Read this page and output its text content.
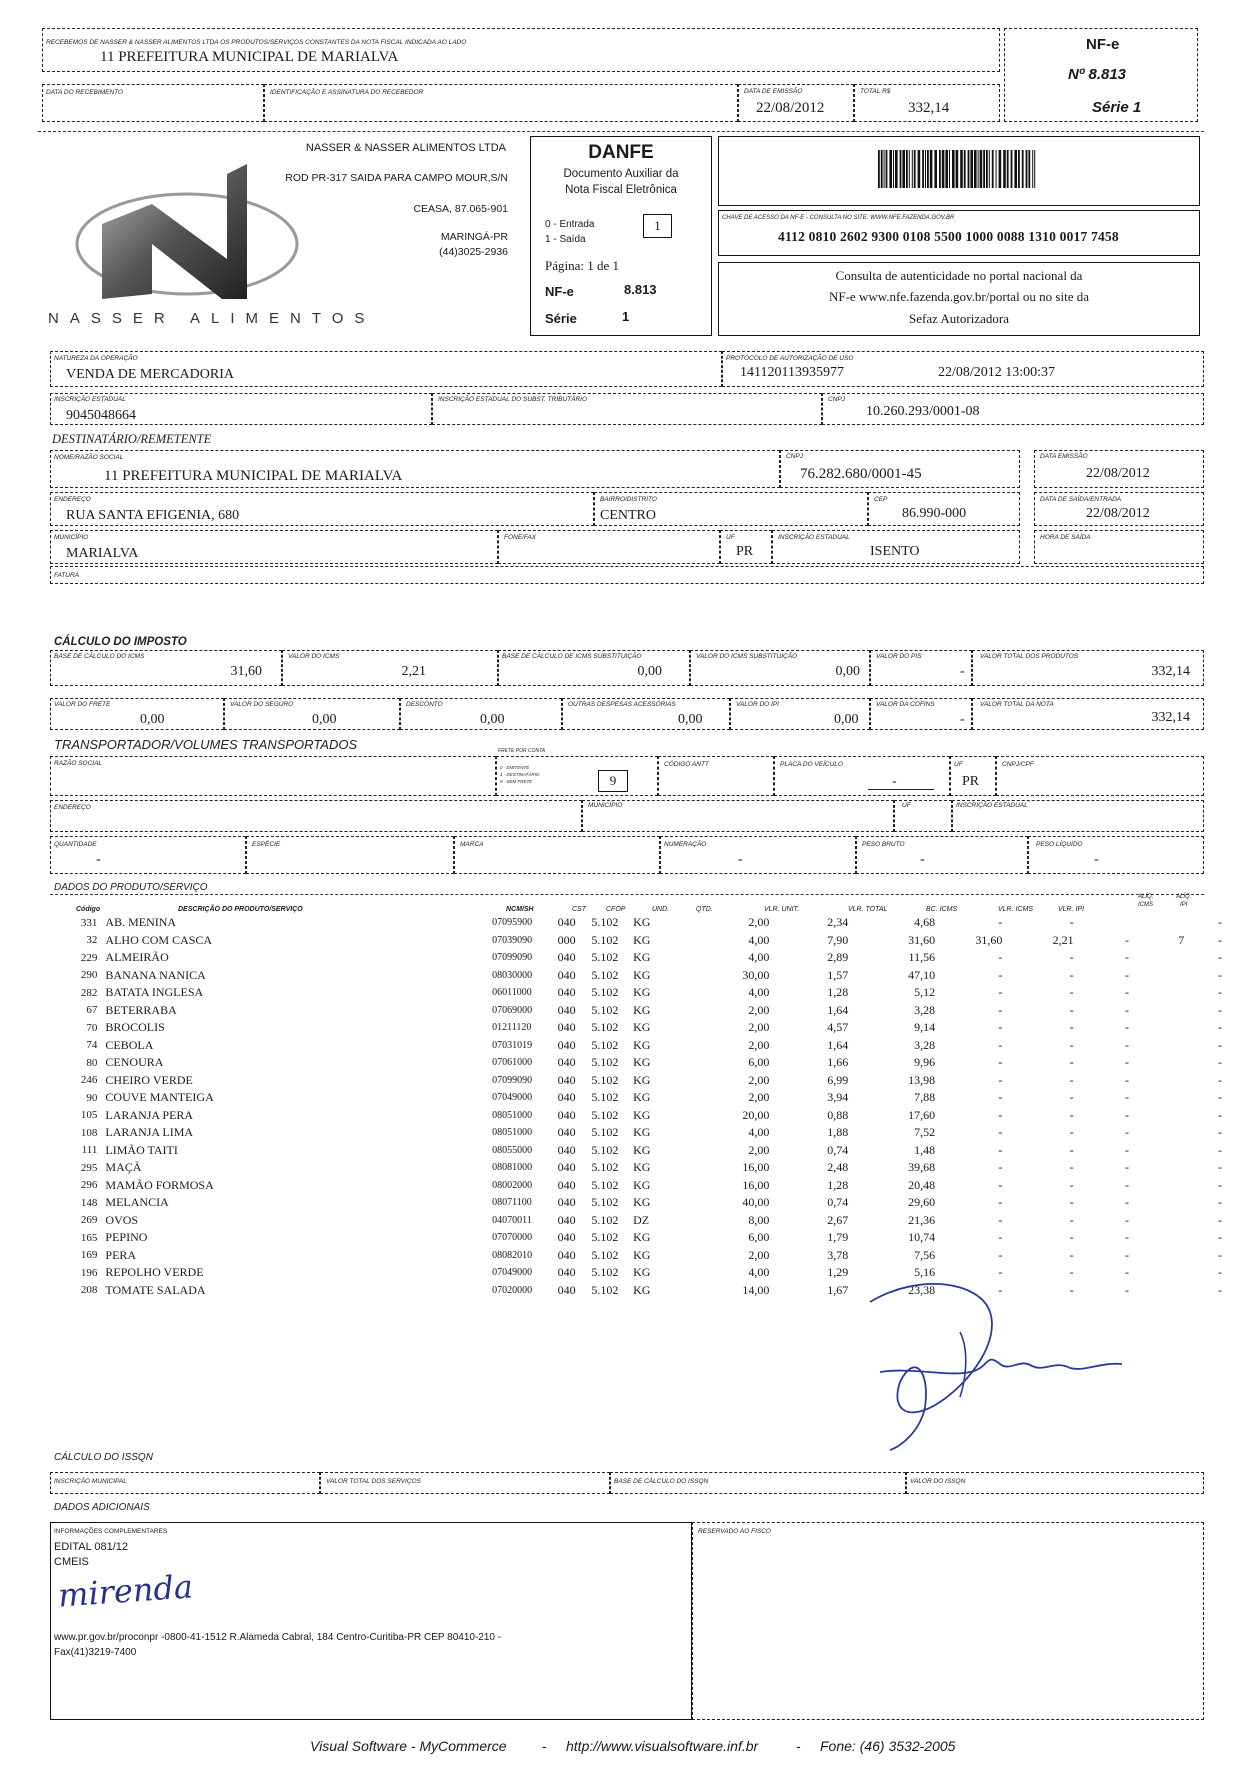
RECEBEMOS DE NASSER & NASSER ALIMENTOS LTDA OS PRODUTOS/SERVIÇOS CONSTANTES DA NOTA FISCAL INDICADA AO LADO
11 PREFEITURA MUNICIPAL DE MARIALVA
DATA DO RECEBIMENTO	IDENTIFICAÇÃO E ASSINATURA DO RECEBEDOR	DATA DE EMISSÃO
22/08/2012
TOTAL R$
332,14
NF-e
Nº 8.813
Série 1
NASSER ALIMENTOS
NASSER & NASSER ALIMENTOS LTDA
ROD PR-317 SAIDA PARA CAMPO MOUR,S/N
CEASA, 87.065-901
MARINGÁ-PR
(44)3025-2936
DANFE
Documento Auxiliar da
Nota Fiscal Eletrônica
0 - Entrada
1 - Saída
1
Página: 1 de 1
NF-e	8.813
Série	1
CHAVE DE ACESSO DA NF-E - CONSULTA NO SITE: WWW.NFE.FAZENDA.GOV.BR
4112 0810 2602 9300 0108 5500 1000 0088 1310 0017 7458
Consulta de autenticidade no portal nacional da
NF-e www.nfe.fazenda.gov.br/portal ou no site da
Sefaz Autorizadora
NATUREZA DA OPERAÇÃO
VENDA DE MERCADORIA
PROTOCOLO DE AUTORIZAÇÃO DE USO
141120113935977	22/08/2012 13:00:37
INSCRIÇÃO ESTADUAL
9045048664
INSCRIÇÃO ESTADUAL DO SUBST. TRIBUTÁRIO	CNPJ
10.260.293/0001-08
DESTINATÁRIO/REMETENTE
NOME/RAZÃO SOCIAL
11 PREFEITURA MUNICIPAL DE MARIALVA
CNPJ
76.282.680/0001-45
DATA EMISSÃO
22/08/2012
ENDEREÇO
RUA SANTA EFIGENIA, 680
BAIRRO/DISTRITO
CENTRO
CEP
86.990-000
DATA DE SAÍDA/ENTRADA
22/08/2012
MUNICÍPIO
MARIALVA
FONE/FAX	UF
PR
INSCRIÇÃO ESTADUAL
ISENTO
HORA DE SAÍDA
FATURA
CÁLCULO DO IMPOSTO
BASE DE CÁLCULO DO ICMS
31,60
VALOR DO ICMS
2,21
BASE DE CÁLCULO DE ICMS SUBSTITUIÇÃO
0,00
VALOR DO ICMS SUBSTITUIÇÃO
0,00
VALOR DO PIS
-
VALOR TOTAL DOS PRODUTOS
332,14
VALOR DO FRETE
0,00
VALOR DO SEGURO
0,00
DESCONTO
0,00
OUTRAS DESPESAS ACESSÓRIAS
0,00
VALOR DO IPI
0,00
VALOR DA COFINS
-
VALOR TOTAL DA NOTA
332,14
TRANSPORTADOR/VOLUMES TRANSPORTADOS
RAZÃO SOCIAL
FRETE POR CONTA
0 - EMITENTE
1 - DESTINATÁRIO
9 - SEM FRETE	9
CÓDIGO ANTT	PLACA DO VEÍCULO
-
UF
PR
CNPJ/CPF
ENDEREÇO	MUNICÍPIO	UF	INSCRIÇÃO ESTADUAL
QUANTIDADE
-
ESPÉCIE	MARCA	NUMERAÇÃO
-
PESO BRUTO
-
PESO LÍQUIDO
-
DADOS DO PRODUTO/SERVIÇO
Código	DESCRIÇÃO DO PRODUTO/SERVIÇO	NCM/SH	CST	CFOP	UND.	QTD.	VLR. UNIT.	VLR. TOTAL	BC. ICMS	VLR. ICMS	VLR. IPI
ALÍQ.
ICMS
ALÍQ.
IPI
331	AB. MENINA	07095900	040	5.102	KG	2,00	2,34	4,68	-	-			-
32	ALHO COM CASCA	07039090	000	5.102	KG	4,00	7,90	31,60	31,60	2,21	-	7	-
229	ALMEIRÃO	07099090	040	5.102	KG	4,00	2,89	11,56	-	-	-		-
290	BANANA NANICA	08030000	040	5.102	KG	30,00	1,57	47,10	-	-	-		-
282	BATATA INGLESA	06011000	040	5.102	KG	4,00	1,28	5,12	-	-	-		-
67	BETERRABA	07069000	040	5.102	KG	2,00	1,64	3,28	-	-	-		-
70	BROCOLIS	01211120	040	5.102	KG	2,00	4,57	9,14	-	-	-		-
74	CEBOLA	07031019	040	5.102	KG	2,00	1,64	3,28	-	-	-		-
80	CENOURA	07061000	040	5.102	KG	6,00	1,66	9,96	-	-	-		-
246	CHEIRO VERDE	07099090	040	5.102	KG	2,00	6,99	13,98	-	-	-		-
90	COUVE MANTEIGA	07049000	040	5.102	KG	2,00	3,94	7,88	-	-	-		-
105	LARANJA PERA	08051000	040	5.102	KG	20,00	0,88	17,60	-	-	-		-
108	LARANJA LIMA	08051000	040	5.102	KG	4,00	1,88	7,52	-	-	-		-
111	LIMÃO TAITI	08055000	040	5.102	KG	2,00	0,74	1,48	-	-	-		-
295	MAÇÃ	08081000	040	5.102	KG	16,00	2,48	39,68	-	-	-		-
296	MAMÃO FORMOSA	08002000	040	5.102	KG	16,00	1,28	20,48	-	-	-		-
148	MELANCIA	08071100	040	5.102	KG	40,00	0,74	29,60	-	-	-		-
269	OVOS	04070011	040	5.102	DZ	8,00	2,67	21,36	-	-	-		-
165	PEPINO	07070000	040	5.102	KG	6,00	1,79	10,74	-	-	-		-
169	PERA	08082010	040	5.102	KG	2,00	3,78	7,56	-	-	-		-
196	REPOLHO VERDE	07049000	040	5.102	KG	4,00	1,29	5,16	-	-	-		-
208	TOMATE SALADA	07020000	040	5.102	KG	14,00	1,67	23,38	-	-	-		-
CÁLCULO DO ISSQN
INSCRIÇÃO MUNICIPAL	VALOR TOTAL DOS SERVIÇOS	BASE DE CÁLCULO DO ISSQN	VALOR DO ISSQN
DADOS ADICIONAIS
INFORMAÇÕES COMPLEMENTARES
EDITAL 081/12
CMEIS
mirenda
www.pr.gov.br/proconpr -0800-41-1512 R.Alameda Cabral, 184 Centro-Curitiba-PR CEP 80410-210 -
Fax(41)3219-7400
RESERVADO AO FISCO
Visual Software - MyCommerce	- http://www.visualsoftware.inf.br	- Fone: (46) 3532-2005
